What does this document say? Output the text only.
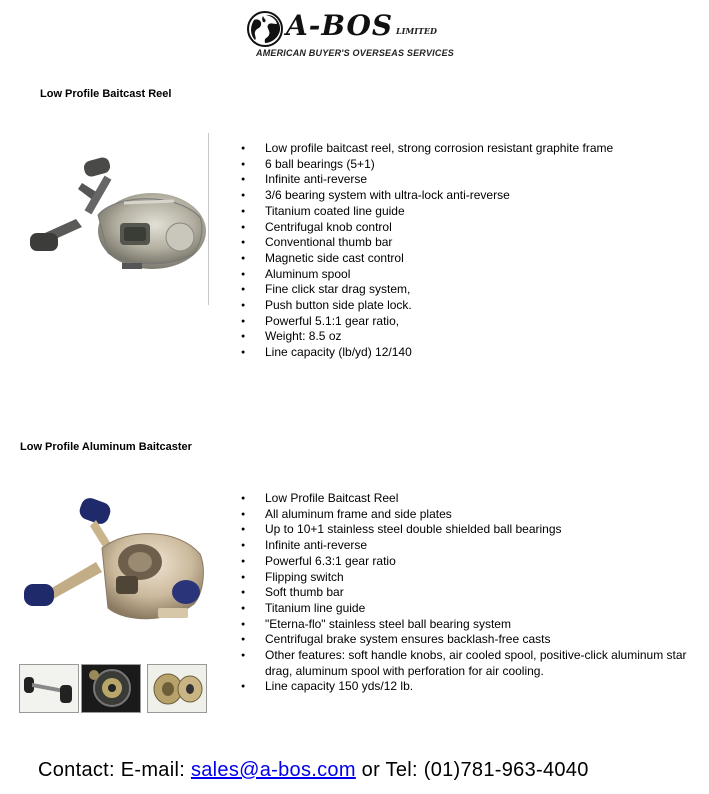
A-BOS LIMITED
AMERICAN BUYER'S OVERSEAS SERVICES
Low Profile Baitcast Reel
● Low profile baitcast reel, strong corrosion resistant graphite frame
● 6 ball bearings (5+1)
● Infinite anti-reverse
● 3/6 bearing system with ultra-lock anti-reverse
● Titanium coated line guide
● Centrifugal knob control
● Conventional thumb bar
● Magnetic side cast control
● Aluminum spool
● Fine click star drag system,
● Push button side plate lock.
● Powerful 5.1:1 gear ratio,
● Weight: 8.5 oz
● Line capacity (lb/yd) 12/140
Low Profile Aluminum Baitcaster
● Low Profile Baitcast Reel
● All aluminum frame and side plates
● Up to 10+1 stainless steel double shielded ball bearings
● Infinite anti-reverse
● Powerful 6.3:1 gear ratio
● Flipping switch
● Soft thumb bar
● Titanium line guide
● "Eterna-flo" stainless steel ball bearing system
● Centrifugal brake system ensures backlash-free casts
● Other features: soft handle knobs, air cooled spool, positive-click aluminum star drag, aluminum spool with perforation for air cooling.
● Line capacity 150 yds/12 lb.
Contact: E-mail: sales@a-bos.com or Tel: (01)781-963-4040
